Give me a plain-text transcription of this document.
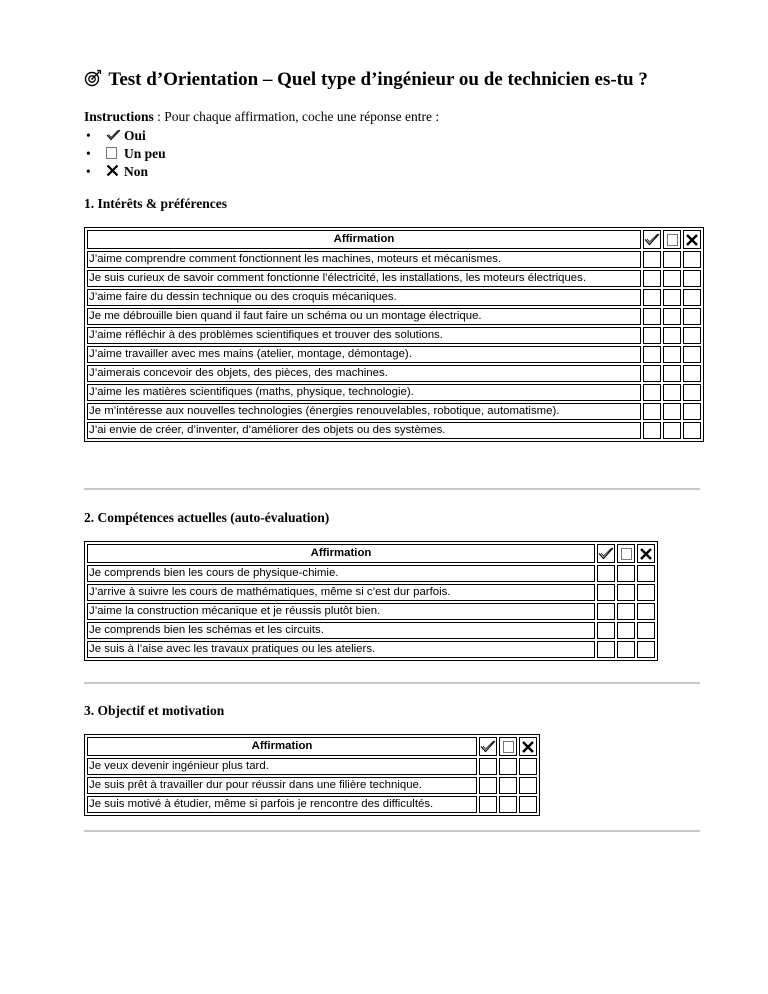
Test d’Orientation – Quel type d’ingénieur ou de technicien es-tu ?
Instructions : Pour chaque affirmation, coche une réponse entre :
• Oui
• Un peu
• Non
1. Intérêts & préférences
Affirmation	

J’aime comprendre comment fonctionnent les machines, moteurs et mécanismes.			
Je suis curieux de savoir comment fonctionne l’électricité, les installations, les moteurs électriques.			
J’aime faire du dessin technique ou des croquis mécaniques.			
Je me débrouille bien quand il faut faire un schéma ou un montage électrique.			
J’aime réfléchir à des problèmes scientifiques et trouver des solutions.			
J’aime travailler avec mes mains (atelier, montage, démontage).			
J’aimerais concevoir des objets, des pièces, des machines.			
J’aime les matières scientifiques (maths, physique, technologie).			
Je m’intéresse aux nouvelles technologies (énergies renouvelables, robotique, automatisme).			
J’ai envie de créer, d’inventer, d’améliorer des objets ou des systèmes.			
2. Compétences actuelles (auto-évaluation)
Affirmation	

Je comprends bien les cours de physique-chimie.			
J’arrive à suivre les cours de mathématiques, même si c’est dur parfois.			
J’aime la construction mécanique et je réussis plutôt bien.			
Je comprends bien les schémas et les circuits.			
Je suis à l’aise avec les travaux pratiques ou les ateliers.			
3. Objectif et motivation
Affirmation	

Je veux devenir ingénieur plus tard.			
Je suis prêt à travailler dur pour réussir dans une filière technique.			
Je suis motivé à étudier, même si parfois je rencontre des difficultés.			
